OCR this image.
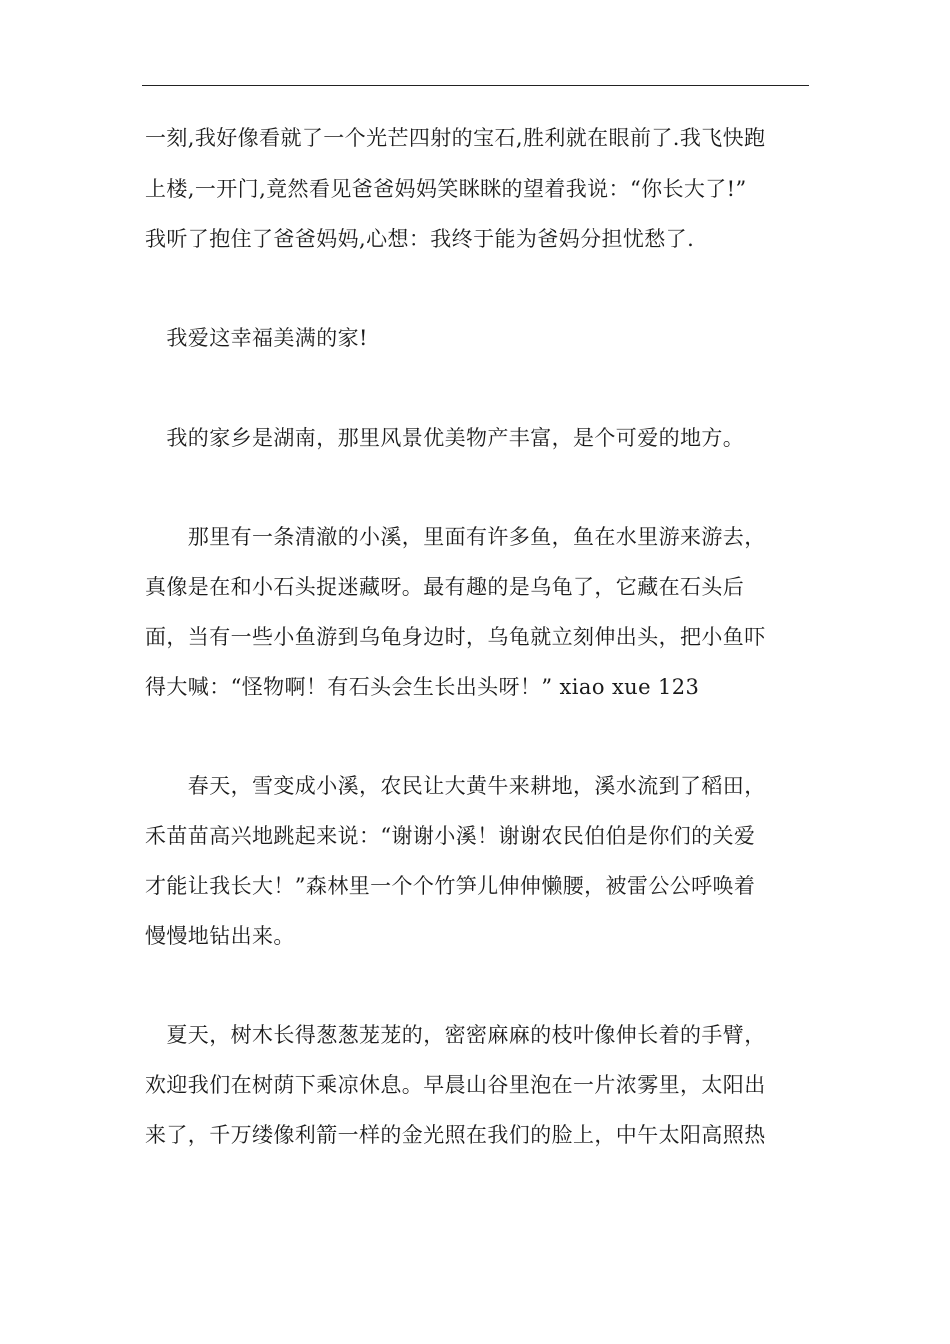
一刻,我好像看就了一个光芒四射的宝石,胜利就在眼前了.我飞快跑
上楼,一开门,竟然看见爸爸妈妈笑眯眯的望着我说：“你长大了!”
我听了抱住了爸爸妈妈,心想：我终于能为爸妈分担忧愁了.
　我爱这幸福美满的家!
　我的家乡是湖南，那里风景优美物产丰富，是个可爱的地方。
　　那里有一条清澈的小溪，里面有许多鱼，鱼在水里游来游去，
真像是在和小石头捉迷藏呀。最有趣的是乌龟了，它藏在石头后
面，当有一些小鱼游到乌龟身边时，乌龟就立刻伸出头，把小鱼吓
得大喊：“怪物啊！有石头会生长出头呀！” xiao xue 123
　　春天，雪变成小溪，农民让大黄牛来耕地，溪水流到了稻田，
禾苗苗高兴地跳起来说：“谢谢小溪！谢谢农民伯伯是你们的关爱
才能让我长大！”森林里一个个竹笋儿伸伸懒腰，被雷公公呼唤着
慢慢地钻出来。
　夏天，树木长得葱葱茏茏的，密密麻麻的枝叶像伸长着的手臂，
欢迎我们在树荫下乘凉休息。早晨山谷里泡在一片浓雾里，太阳出
来了，千万缕像利箭一样的金光照在我们的脸上，中午太阳高照热
